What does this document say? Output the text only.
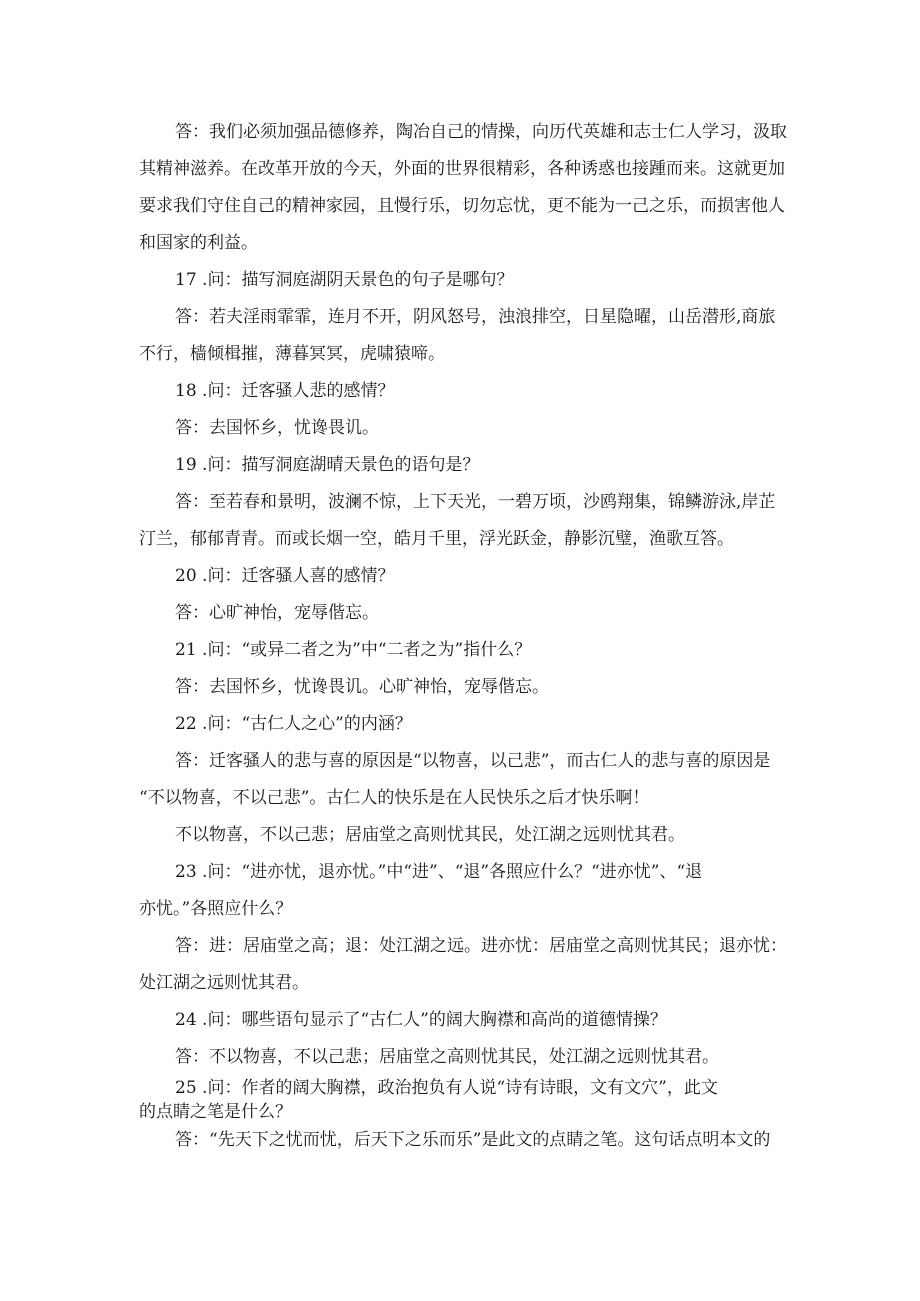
答：我们必须加强品德修养，陶冶自己的情操，向历代英雄和志士仁人学习，汲取

其精神滋养。在改革开放的今天，外面的世界很精彩，各种诱惑也接踵而来。这就更加

要求我们守住自己的精神家园，且慢行乐，切勿忘忧，更不能为一己之乐，而损害他人

和国家的利益。

17 .问：描写洞庭湖阴天景色的句子是哪句？

答：若夫淫雨霏霏，连月不开，阴风怒号，浊浪排空，日星隐曜，山岳潜形,商旅

不行，樯倾楫摧，薄暮冥冥，虎啸猿啼。

18 .问：迁客骚人悲的感情？

答：去国怀乡，忧谗畏讥。

19 .问：描写洞庭湖晴天景色的语句是？

答：至若春和景明，波澜不惊，上下天光，一碧万顷，沙鸥翔集，锦鳞游泳,岸芷

汀兰，郁郁青青。而或长烟一空，皓月千里，浮光跃金，静影沉璧，渔歌互答。

20 .问：迁客骚人喜的感情？

答：心旷神怡，宠辱偕忘。

21 .问：“或异二者之为”中“二者之为”指什么？

答：去国怀乡，忧谗畏讥。心旷神怡，宠辱偕忘。

22 .问：“古仁人之心”的内涵？

答：迁客骚人的悲与喜的原因是“以物喜，以己悲”，而古仁人的悲与喜的原因是

“不以物喜，不以己悲”。古仁人的快乐是在人民快乐之后才快乐啊！

不以物喜，不以己悲；居庙堂之高则忧其民，处江湖之远则忧其君。

23 .问：“进亦忧，退亦忧。”中“进”、“退”各照应什么？“进亦忧”、“退

亦忧。”各照应什么？

答：进：居庙堂之高；退：处江湖之远。进亦忧：居庙堂之高则忧其民；退亦忧：

处江湖之远则忧其君。

24 .问：哪些语句显示了“古仁人”的阔大胸襟和高尚的道德情操？

答：不以物喜，不以己悲；居庙堂之高则忧其民，处江湖之远则忧其君。

25 .问：作者的阔大胸襟，政治抱负有人说“诗有诗眼，文有文穴”，此文

的点睛之笔是什么？

答：“先天下之忧而忧，后天下之乐而乐”是此文的点睛之笔。这句话点明本文的
